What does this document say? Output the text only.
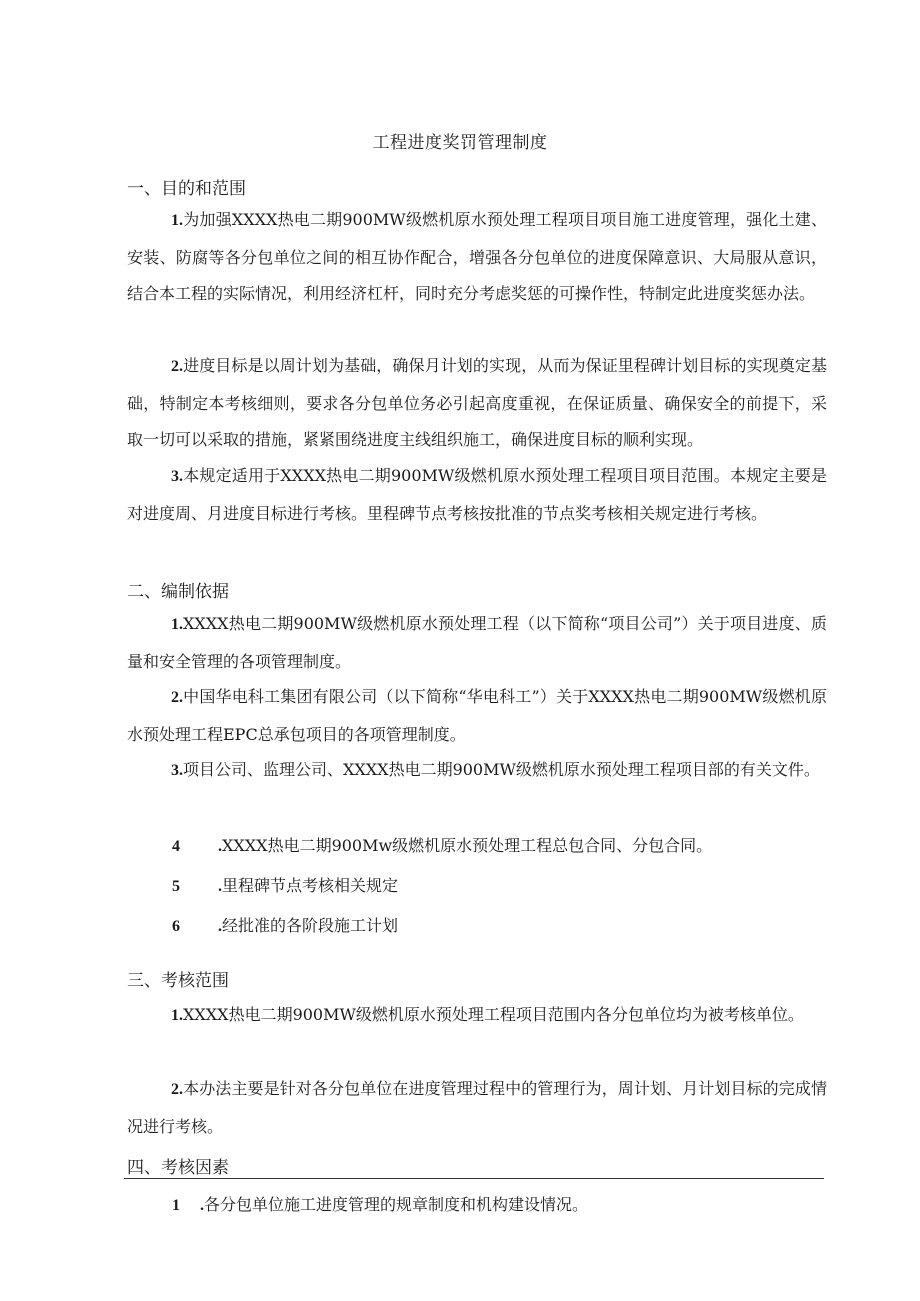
工程进度奖罚管理制度
一、目的和范围
1.为加强XXXX热电二期900MW级燃机原水预处理工程项目项目施工进度管理，强化土建、安装、防腐等各分包单位之间的相互协作配合，增强各分包单位的进度保障意识、大局服从意识，结合本工程的实际情况，利用经济杠杆，同时充分考虑奖惩的可操作性，特制定此进度奖惩办法。
2.进度目标是以周计划为基础，确保月计划的实现，从而为保证里程碑计划目标的实现奠定基础，特制定本考核细则，要求各分包单位务必引起高度重视，在保证质量、确保安全的前提下，采取一切可以采取的措施，紧紧围绕进度主线组织施工，确保进度目标的顺利实现。
3.本规定适用于XXXX热电二期900MW级燃机原水预处理工程项目项目范围。本规定主要是对进度周、月进度目标进行考核。里程碑节点考核按批准的节点奖考核相关规定进行考核。
二、编制依据
1.XXXX热电二期900MW级燃机原水预处理工程（以下简称“项目公司”）关于项目进度、质量和安全管理的各项管理制度。
2.中国华电科工集团有限公司（以下简称“华电科工”）关于XXXX热电二期900MW级燃机原水预处理工程EPC总承包项目的各项管理制度。
3.项目公司、监理公司、XXXX热电二期900MW级燃机原水预处理工程项目部的有关文件。
4 .XXXX热电二期900Mw级燃机原水预处理工程总包合同、分包合同。
5 .里程碑节点考核相关规定
6 .经批准的各阶段施工计划
三、考核范围
1.XXXX热电二期900MW级燃机原水预处理工程项目范围内各分包单位均为被考核单位。
2.本办法主要是针对各分包单位在进度管理过程中的管理行为，周计划、月计划目标的完成情况进行考核。
四、考核因素
1 .各分包单位施工进度管理的规章制度和机构建设情况。
